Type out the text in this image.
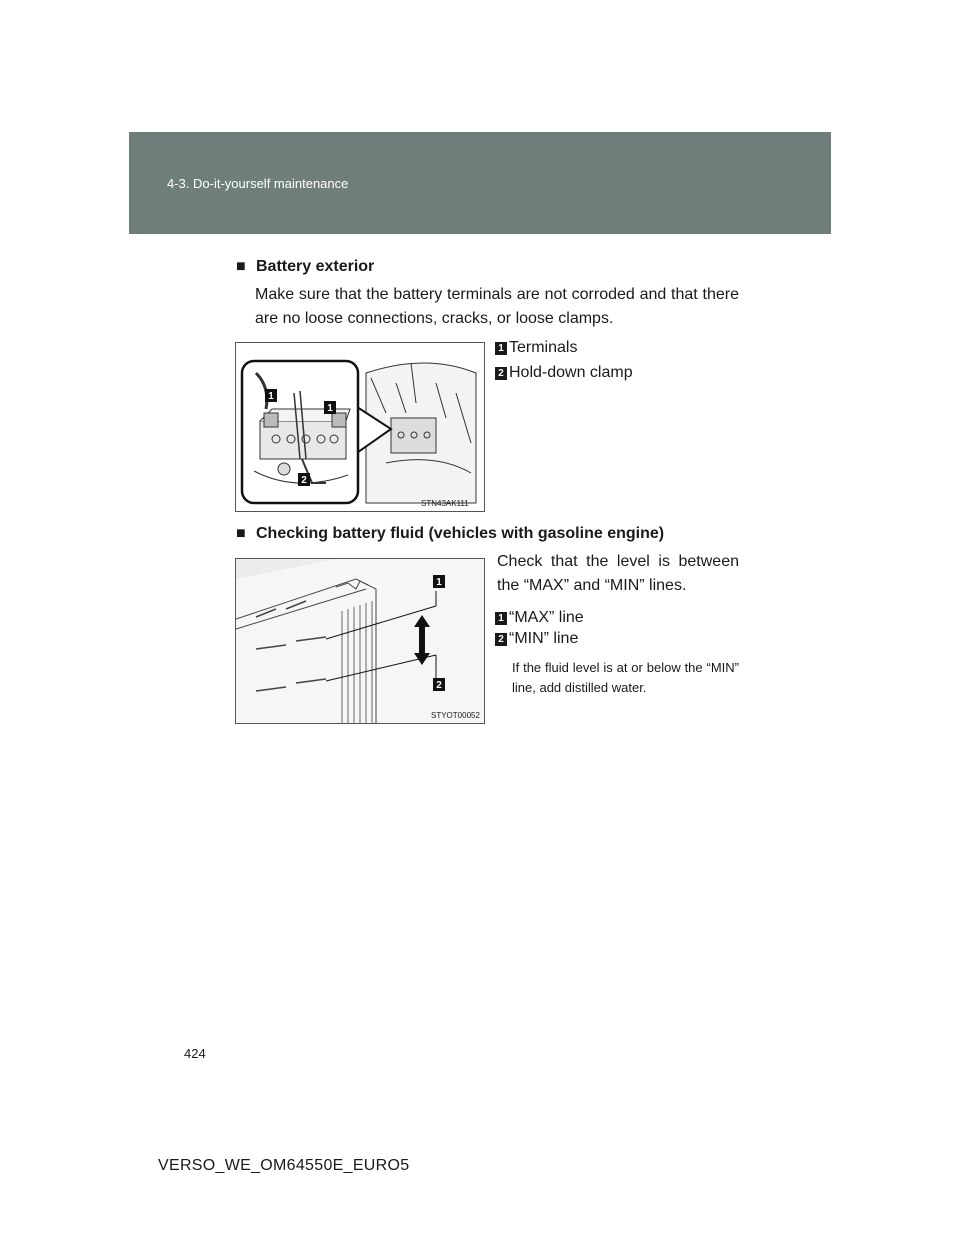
4-3. Do-it-yourself maintenance
■ Battery exterior
Make sure that the battery terminals are not corroded and that there are no loose connections, cracks, or loose clamps.
1
1
2
STN43AK111
1 Terminals
2 Hold-down clamp
■ Checking battery fluid (vehicles with gasoline engine)
1
2
STYOT00052
Check that the level is between the “MAX” and “MIN” lines.
1 “MAX” line
2 “MIN” line
If the fluid level is at or below the “MIN” line, add distilled water.
424
VERSO_WE_OM64550E_EURO5
